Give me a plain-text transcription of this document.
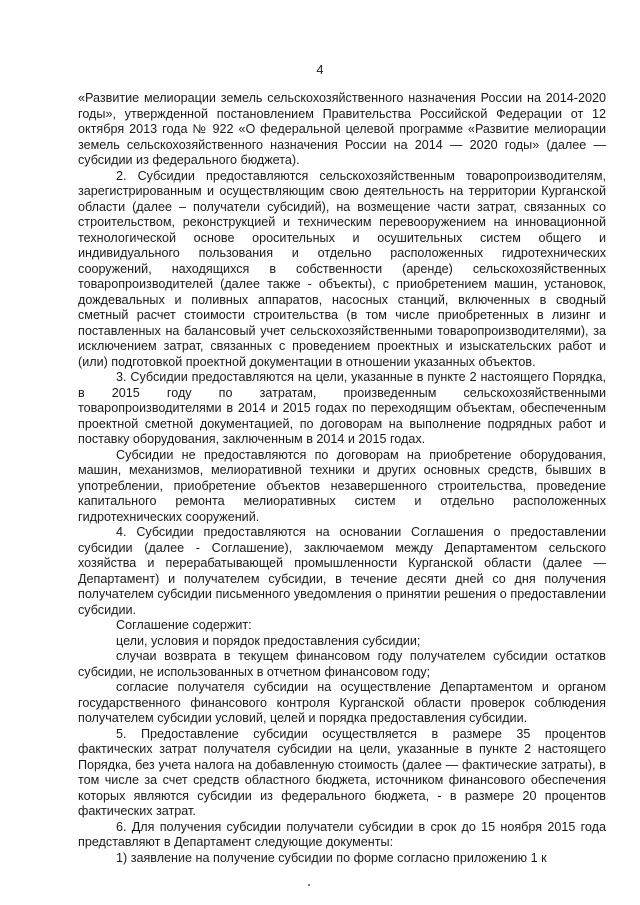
4

«Развитие мелиорации земель сельскохозяйственного назначения России на 2014-2020 годы», утвержденной постановлением Правительства Российской Федерации от 12 октября 2013 года № 922 «О федеральной целевой программе «Развитие мелиорации земель сельскохозяйственного назначения России на 2014 — 2020 годы» (далее — субсидии из федерального бюджета).

2. Субсидии предоставляются сельскохозяйственным товаропроизводителям, зарегистрированным и осуществляющим свою деятельность на территории Курганской области (далее – получатели субсидий), на возмещение части затрат, связанных со строительством, реконструкцией и техническим перевооружением на инновационной технологической основе оросительных и осушительных систем общего и индивидуального пользования и отдельно расположенных гидротехнических сооружений, находящихся в собственности (аренде) сельскохозяйственных товаропроизводителей (далее также - объекты), с приобретением машин, установок, дождевальных и поливных аппаратов, насосных станций, включенных в сводный сметный расчет стоимости строительства (в том числе приобретенных в лизинг и поставленных на балансовый учет сельскохозяйственными товаропроизводителями), за исключением затрат, связанных с проведением проектных и изыскательских работ и (или) подготовкой проектной документации в отношении указанных объектов.

3. Субсидии предоставляются на цели, указанные в пункте 2 настоящего Порядка, в 2015 году по затратам, произведенным сельскохозяйственными товаропроизводителями в 2014 и 2015 годах по переходящим объектам, обеспеченным проектной сметной документацией, по договорам на выполнение подрядных работ и поставку оборудования, заключенным в 2014 и 2015 годах.

Субсидии не предоставляются по договорам на приобретение оборудования, машин, механизмов, мелиоративной техники и других основных средств, бывших в употреблении, приобретение объектов незавершенного строительства, проведение капитального ремонта мелиоративных систем и отдельно расположенных гидротехнических сооружений.

4. Субсидии предоставляются на основании Соглашения о предоставлении субсидии (далее - Соглашение), заключаемом между Департаментом сельского хозяйства и перерабатывающей промышленности Курганской области (далее — Департамент) и получателем субсидии, в течение десяти дней со дня получения получателем субсидии письменного уведомления о принятии решения о предоставлении субсидии.

Соглашение содержит:

цели, условия и порядок предоставления субсидии;

случаи возврата в текущем финансовом году получателем субсидии остатков субсидии, не использованных в отчетном финансовом году;

согласие получателя субсидии на осуществление Департаментом и органом государственного финансового контроля Курганской области проверок соблюдения получателем субсидии условий, целей и порядка предоставления субсидии.

5. Предоставление субсидии осуществляется в размере 35 процентов фактических затрат получателя субсидии на цели, указанные в пункте 2 настоящего Порядка, без учета налога на добавленную стоимость (далее — фактические затраты), в том числе за счет средств областного бюджета, источником финансового обеспечения которых являются субсидии из федерального бюджета, - в размере 20 процентов фактических затрат.

6. Для получения субсидии получатели субсидии в срок до 15 ноября 2015 года представляют в Департамент следующие документы:

1) заявление на получение субсидии по форме согласно приложению 1 к
